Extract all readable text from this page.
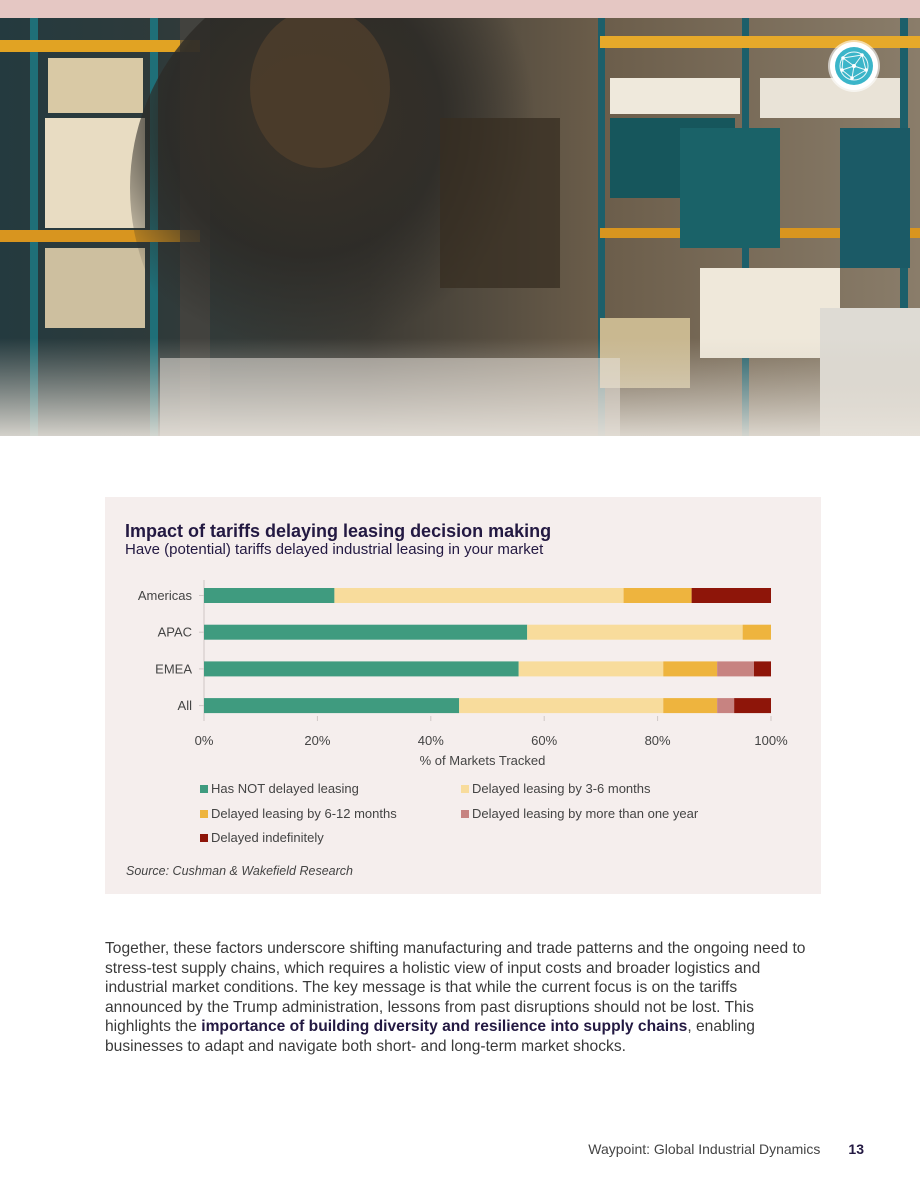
Impact of tariffs delaying leasing decision making
Have (potential) tariffs delayed industrial leasing in your market
Americas
APAC
EMEA
All
0%	20%	40%	60%	80%	100%
% of Markets Tracked
Has NOT delayed leasing	Delayed leasing by 3-6 months
Delayed leasing by 6-12 months	Delayed leasing by more than one year
Delayed indefinitely
Source: Cushman & Wakefield Research

Together, these factors underscore shifting manufacturing and trade patterns and the ongoing need to stress-test supply chains, which requires a holistic view of input costs and broader logistics and industrial market conditions. The key message is that while the current focus is on the tariffs announced by the Trump administration, lessons from past disruptions should not be lost. This highlights the importance of building diversity and resilience into supply chains, enabling businesses to adapt and navigate both short- and long-term market shocks.

Waypoint: Global Industrial Dynamics 13
